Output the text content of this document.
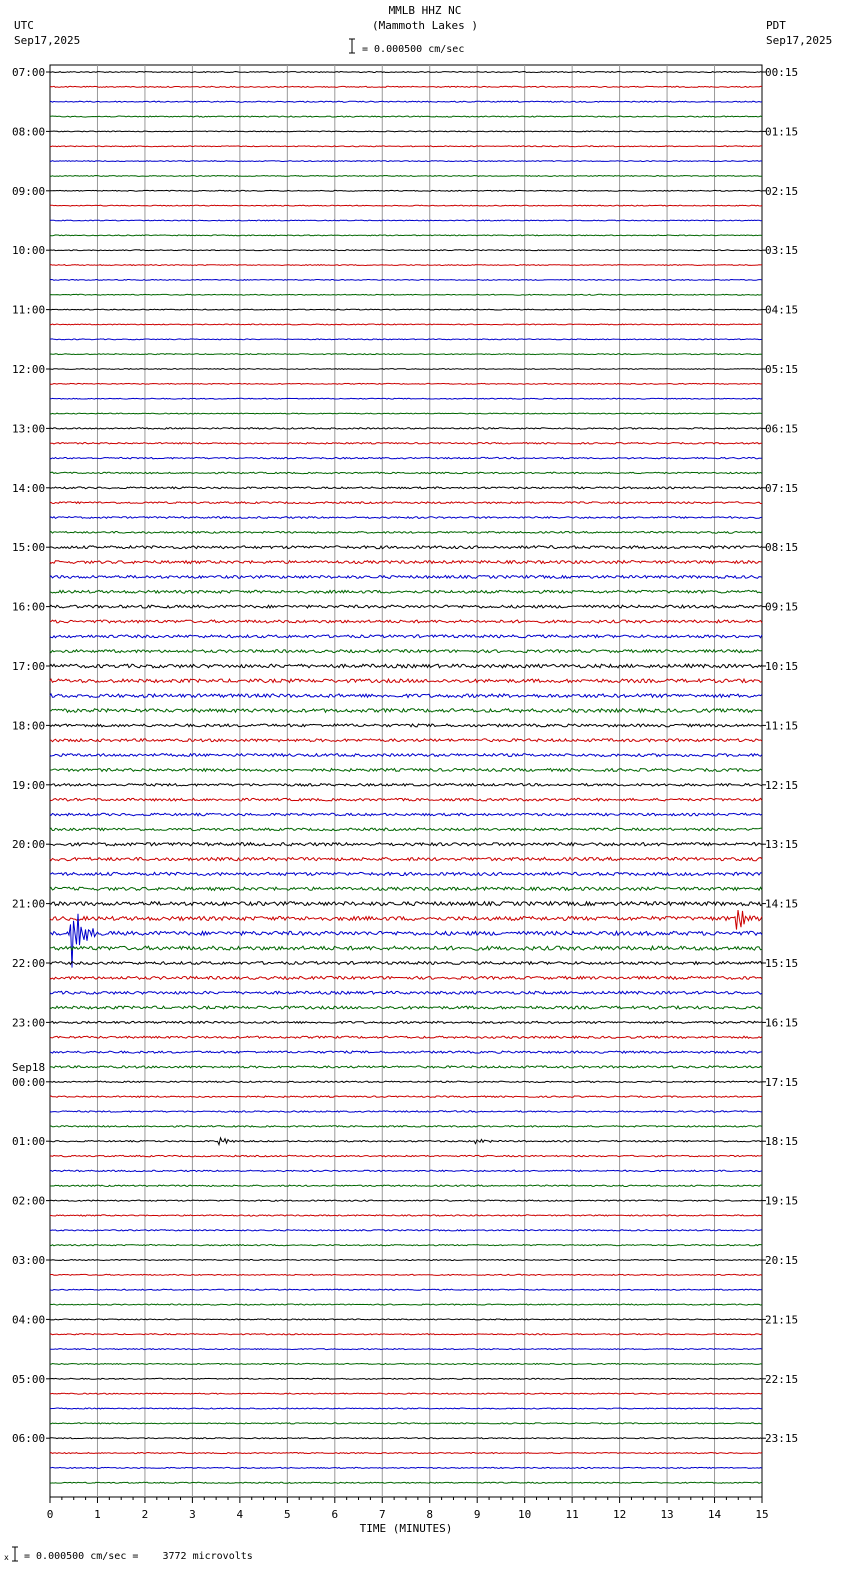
MMLB HHZ NC
(Mammoth Lakes )
= 0.000500 cm/sec
UTC
Sep17,2025
PDT
Sep17,2025
0	1	2	3	4	5	6	7	8	9	10	11	12	13	14	15
TIME (MINUTES)
07:00	00:15
08:00	01:15
09:00	02:15
10:00	03:15
11:00	04:15
12:00	05:15
13:00	06:15
14:00	07:15
15:00	08:15
16:00	09:15
17:00	10:15
18:00	11:15
19:00	12:15
20:00	13:15
21:00	14:15
22:00	15:15
23:00	16:15
00:00	17:15
Sep18
01:00	18:15
02:00	19:15
03:00	20:15
04:00	21:15
05:00	22:15
06:00	23:15
x = 0.000500 cm/sec =    3772 microvolts
